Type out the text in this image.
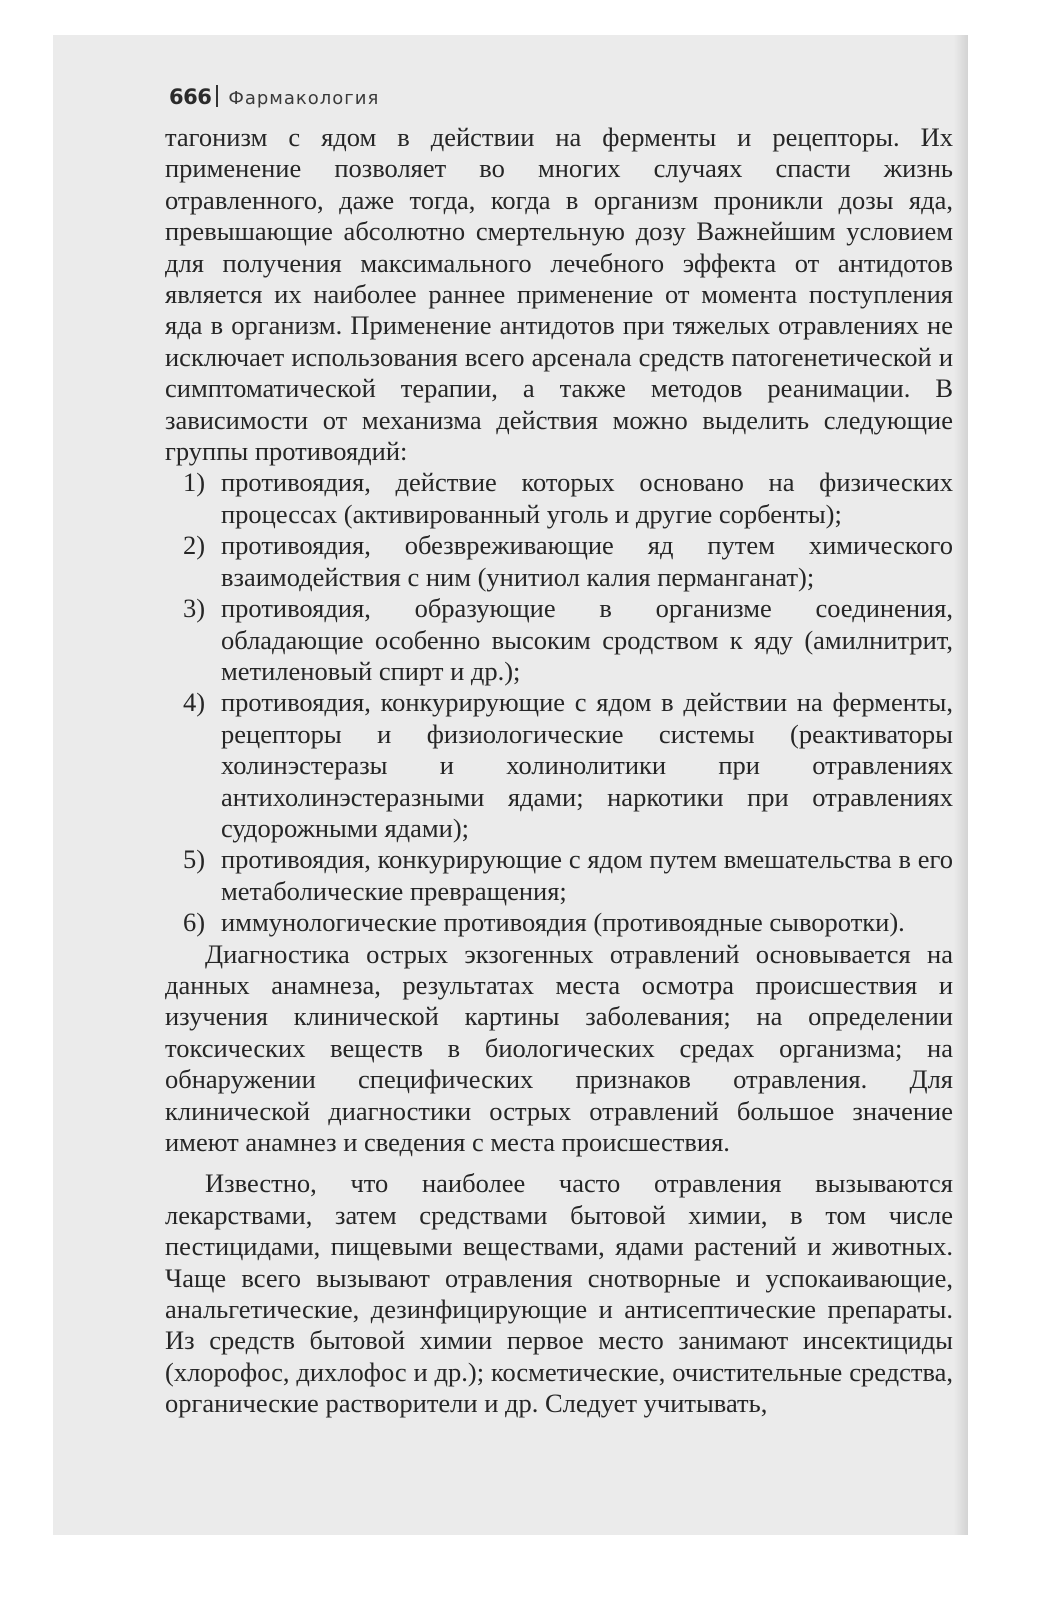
666 Фармакология

тагонизм с ядом в действии на ферменты и рецепторы. Их применение позволяет во многих случаях спасти жизнь отравленного, даже тогда, когда в организм проникли дозы яда, превышающие абсолютно смертельную дозу Важнейшим условием для получения максимального лечебного эффекта от антидотов является их наиболее раннее применение от момента поступления яда в организм. Применение антидотов при тяжелых отравлениях не исключает использования всего арсенала средств патогенетической и симптоматической терапии, а также методов реанимации. В зависимости от механизма действия можно выделить следующие группы противоядий:

1) противоядия, действие которых основано на физических процессах (активированный уголь и другие сорбенты);
2) противоядия, обезвреживающие яд путем химического взаимодействия с ним (унитиол калия перманганат);
3) противоядия, образующие в организме соединения, обладающие особенно высоким сродством к яду (амилнитрит, метиленовый спирт и др.);
4) противоядия, конкурирующие с ядом в действии на ферменты, рецепторы и физиологические системы (реактиваторы холинэстеразы и холинолитики при отравлениях антихолинэстеразными ядами; наркотики при отравлениях судорожными ядами);
5) противоядия, конкурирующие с ядом путем вмешательства в его метаболические превращения;
6) иммунологические противоядия (противоядные сыворотки).

Диагностика острых экзогенных отравлений основывается на данных анамнеза, результатах места осмотра происшествия и изучения клинической картины заболевания; на определении токсических веществ в биологических средах организма; на обнаружении специфических признаков отравления. Для клинической диагностики острых отравлений большое значение имеют анамнез и сведения с места происшествия.

Известно, что наиболее часто отравления вызываются лекарствами, затем средствами бытовой химии, в том числе пестицидами, пищевыми веществами, ядами растений и животных. Чаще всего вызывают отравления снотворные и успокаивающие, анальгетические, дезинфицирующие и антисептические препараты. Из средств бытовой химии первое место занимают инсектициды (хлорофос, дихлофос и др.); косметические, очистительные средства, органические растворители и др. Следует учитывать,
